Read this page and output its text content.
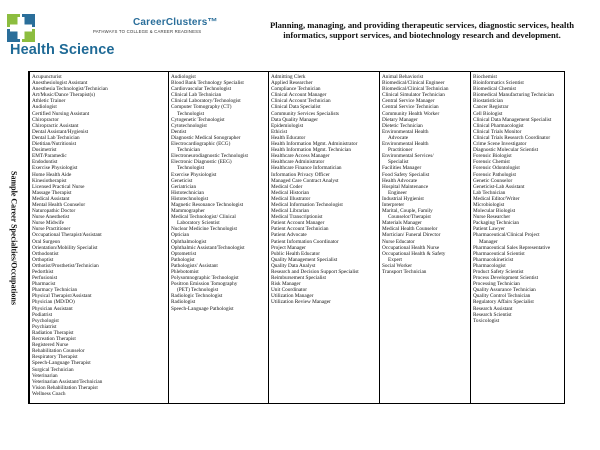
CareerClusters™
PATHWAYS TO COLLEGE & CAREER READINESS
Health Science
Planning, managing, and providing therapeutic services, diagnostic services, health informatics, support services, and biotechnology research and development.
Sample Career Specialties/Occupations
Acupuncturist
Anesthesiologist Assistant
Anesthesia Technologist/Technician
Art/Music/Dance Therapist(s)
Athletic Trainer
Audiologist
Certified Nursing Assistant
Chiropractor
Chiropractic Assistant
Dental Assistant/Hygienist
Dental Lab Technician
Dietitian/Nutritionist
Dosimetrist
EMT/Paramedic
Endodontist
Exercise Physiologist
Home Health Aide
Kinesiotherapist
Licensed Practical Nurse
Massage Therapist
Medical Assistant
Mental Health Counselor
Naturopathic Doctor
Nurse Anesthetist
Nurse Midwife
Nurse Practitioner
Occupational Therapist/Assistant
Oral Surgeon
Orientation/Mobility Specialist
Orthodontist
Orthoptist
Orthotist/Prosthetist/Technician
Pedorthist
Perfusionist
Pharmacist
Pharmacy Technician
Physical Therapist/Assistant
Physician (MD/DO)
Physician Assistant
Podiatrist
Psychologist
Psychiatrist
Radiation Therapist
Recreation Therapist
Registered Nurse
Rehabilitation Counselor
Respiratory Therapist
Speech-Language Therapist
Surgical Technician
Veterinarian
Veterinarian Assistant/Technician
Vision Rehabilitation Therapist
Wellness Coach
Audiologist
Blood Bank Technology Specialist
Cardiovascular Technologist
Clinical Lab Technician
Clinical Laboratory/Technologist
Computer Tomography (CT)
Technologist
Cytogenetic Technologist
Cytotechnologist
Dentist
Diagnostic Medical Sonographer
Electrocardiographic (ECG)
Technician
Electroneurodiagnostic Technologist
Electronic Diagnostic (EEG)
Technologist
Exercise Physiologist
Geneticist
Geriatrician
Histotechnician
Histotechnologist
Magnetic Resonance Technologist
Mammographer
Medical Technologist/ Clinical
Laboratory Scientist
Nuclear Medicine Technologist
Optician
Ophthalmologist
Ophthalmic Assistant/Technologist
Optometrist
Pathologist
Pathologists' Assistant
Phlebotomist
Polysomnographic Technologist
Positron Emission Tomography
(PET) Technologist
Radiologic Technologist
Radiologist
Speech-Language Pathologist
Admitting Clerk
Applied Researcher
Compliance Technician
Clinical Account Manager
Clinical Account Technician
Clinical Data Specialist
Community Services Specialists
Data Quality Manager
Epidemiologist
Ethicist
Health Educator
Health Information Mgmt. Administrator
Health Information Mgmt. Technician
Healthcare Access Manager
Healthcare Administrator
Healthcare Finance Informatician
Information Privacy Officer
Managed Care Contract Analyst
Medical Coder
Medical Historian
Medical Illustrator
Medical Information Technologist
Medical Librarian
Medical Transcriptionist
Patient Account Manager
Patient Account Technician
Patient Advocate
Patient Information Coordinator
Project Manager
Public Health Educator
Quality Management Specialist
Quality Data Analyst
Research and Decision Support Specialist
Reimbursement Specialist
Risk Manager
Unit Coordinator
Utilization Manager
Utilization Review Manager
Animal Behaviorist
Biomedical/Clinical Engineer
Biomedical/Clinical Technician
Clinical Simulator Technician
Central Service Manager
Central Service Technician
Community Health Worker
Dietary Manager
Dietetic Technician
Environmental Health
Advocate
Environmental Health
Practitioner
Environmental Services/
Specialist
Facilities Manager
Food Safety Specialist
Health Advocate
Hospital Maintenance
Engineer
Industrial Hygienist
Interpreter
Marital, Couple, Family
Counselor/Therapist
Materials Manager
Medical Health Counselor
Mortician/ Funeral Director
Nurse Educator
Occupational Health Nurse
Occupational Health & Safety
Expert
Social Worker
Transport Technician
Biochemist
Bioinformatics Scientist
Biomedical Chemist
Biomedical Manufacturing Technician
Biostatistician
Cancer Registrar
Cell Biologist
Clinical Data Management Specialist
Clinical Pharmacologist
Clinical Trials Monitor
Clinical Trials Research Coordinator
Crime Scene Investigator
Diagnostic Molecular Scientist
Forensic Biologist
Forensic Chemist
Forensic Odontologist
Forensic Pathologist
Genetic Counselor
Geneticist-Lab Assistant
Lab Technician
Medical Editor/Writer
Microbiologist
Molecular Biologist
Nurse Researcher
Packaging Technician
Patient Lawyer
Pharmaceutical/Clinical Project
Manager
Pharmaceutical Sales Representative
Pharmaceutical Scientist
Pharmacokineticist
Pharmacologist
Product Safety Scientist
Process Development Scientist
Processing Technician
Quality Assurance Technician
Quality Control Technician
Regulatory Affairs Specialist
Research Assistant
Research Scientist
Toxicologist
